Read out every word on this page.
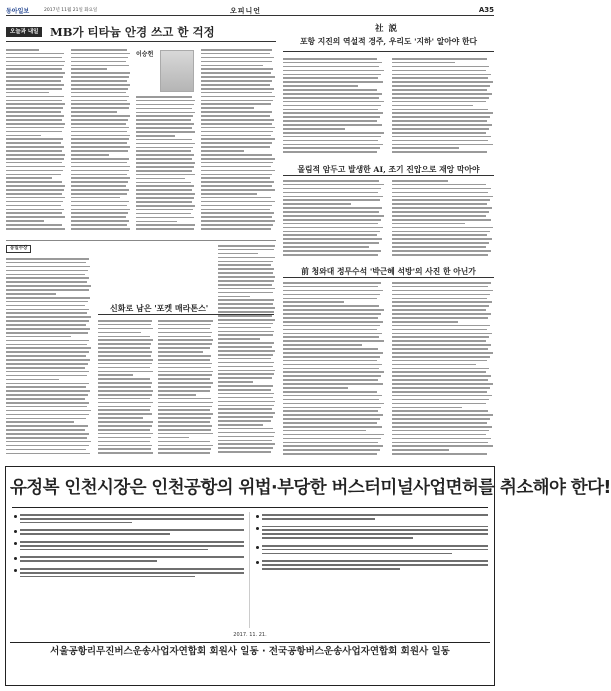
동아일보	2017년 11월 21일 화요일	오피니언	A35
오늘과 내일	MB가 티타늄 안경 쓰고 한 걱정
이승헌
동일수상
신화로 남은 '포켓 매라톤스'
社説
포항 지진의 역설적 경주, 우리도 '지하' 알아야 한다
몰림적 암두고 발생한 AI, 조기 진압으로 재앙 막아야
前 청와대 정무수석 '박근혜 석방'의 사진 한 아닌가
유정복 인천시장은 인천공항의 위법·부당한 버스터미널사업면허를 취소해야 한다!
2017. 11. 21.
서울공항리무진버스운송사업자연합회 회원사 일동 · 전국공항버스운송사업자연합회 회원사 일동
